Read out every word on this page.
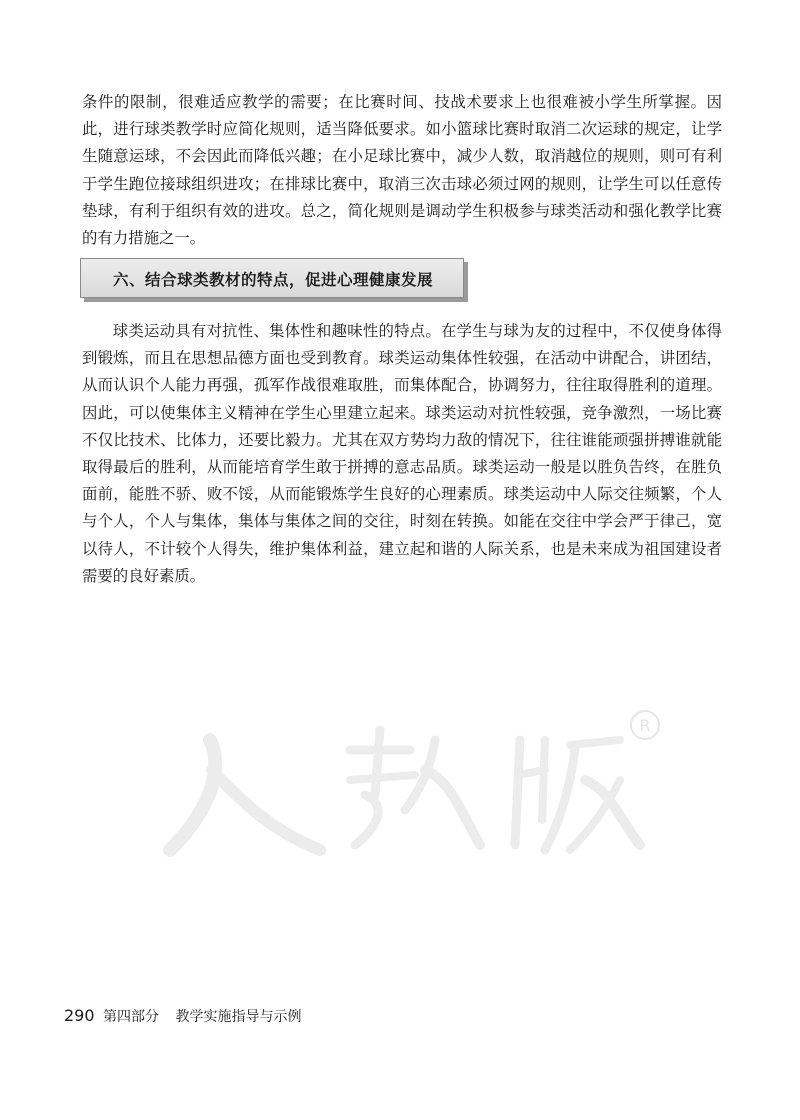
条件的限制，很难适应教学的需要；在比赛时间、技战术要求上也很难被小学生所掌握。因此，进行球类教学时应简化规则，适当降低要求。如小篮球比赛时取消二次运球的规定，让学生随意运球，不会因此而降低兴趣；在小足球比赛中，减少人数，取消越位的规则，则可有利于学生跑位接球组织进攻；在排球比赛中，取消三次击球必须过网的规则，让学生可以任意传垫球，有利于组织有效的进攻。总之，简化规则是调动学生积极参与球类活动和强化教学比赛的有力措施之一。

六、结合球类教材的特点，促进心理健康发展

球类运动具有对抗性、集体性和趣味性的特点。在学生与球为友的过程中，不仅使身体得到锻炼，而且在思想品德方面也受到教育。球类运动集体性较强，在活动中讲配合，讲团结，从而认识个人能力再强，孤军作战很难取胜，而集体配合，协调努力，往往取得胜利的道理。因此，可以使集体主义精神在学生心里建立起来。球类运动对抗性较强，竞争激烈，一场比赛不仅比技术、比体力，还要比毅力。尤其在双方势均力敌的情况下，往往谁能顽强拼搏谁就能取得最后的胜利，从而能培育学生敢于拼搏的意志品质。球类运动一般是以胜负告终，在胜负面前，能胜不骄、败不馁，从而能锻炼学生良好的心理素质。球类运动中人际交往频繁，个人与个人，个人与集体，集体与集体之间的交往，时刻在转换。如能在交往中学会严于律己，宽以待人，不计较个人得失，维护集体利益，建立起和谐的人际关系，也是未来成为祖国建设者需要的良好素质。

R
290 第四部分 教学实施指导与示例
